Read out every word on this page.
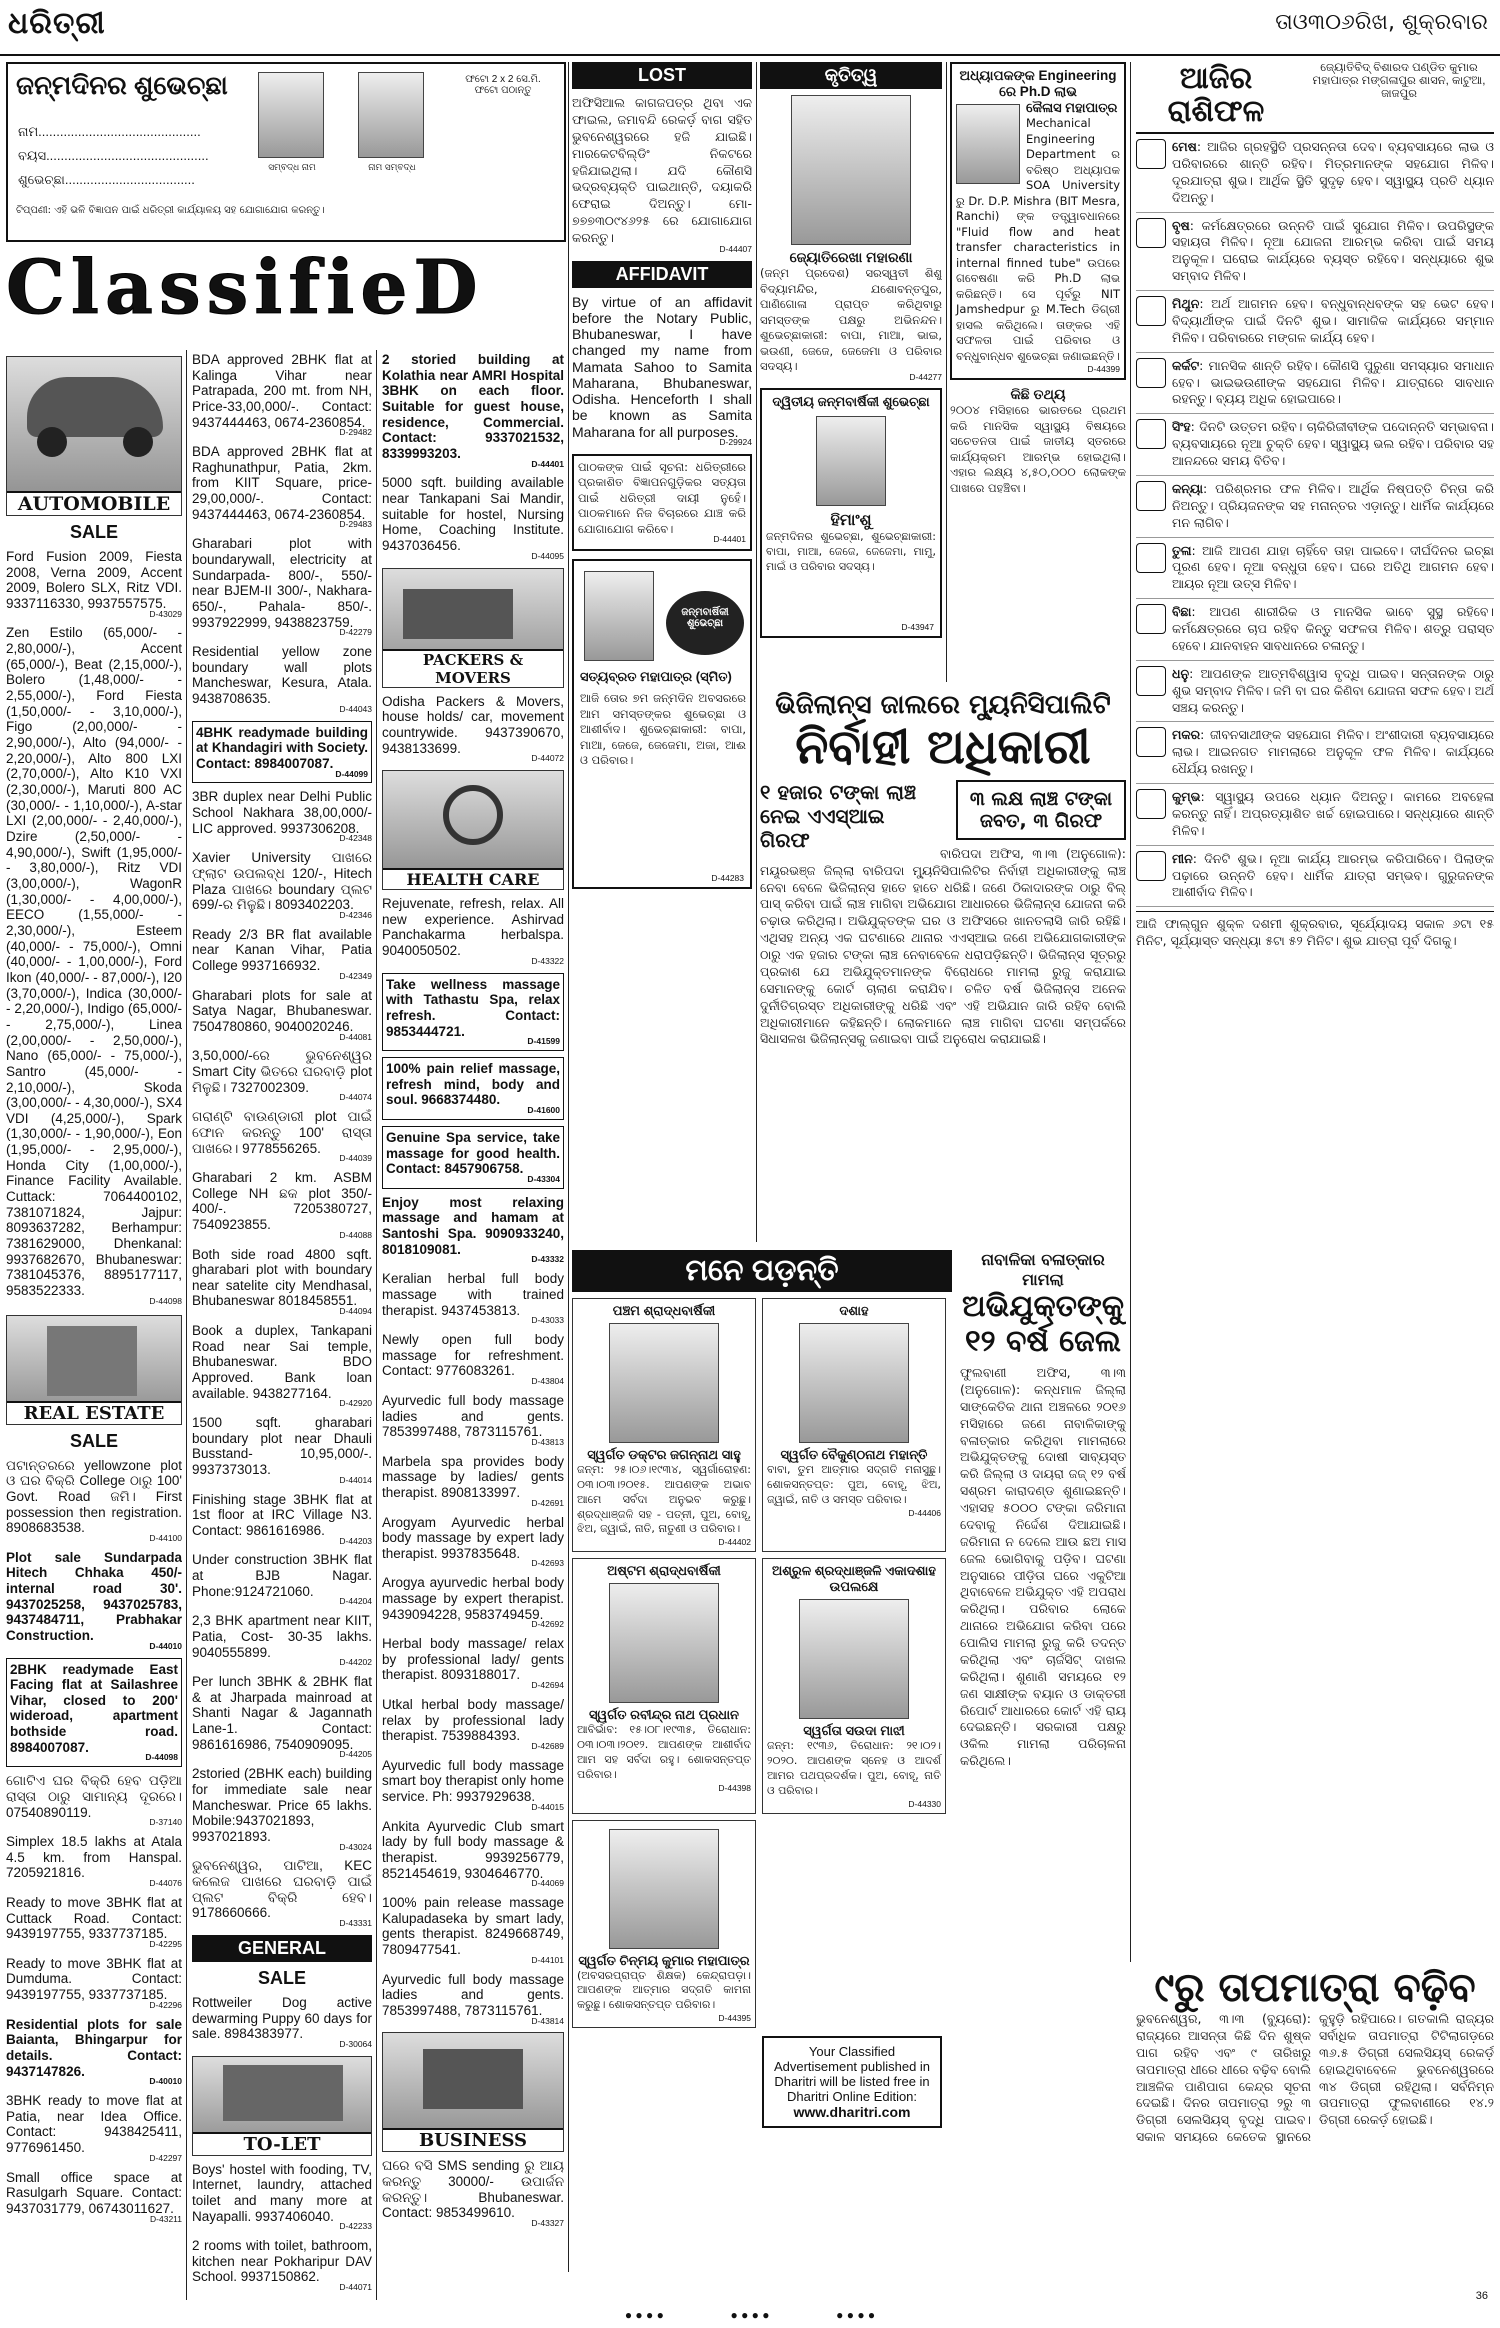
ଧରିତ୍ରୀ	ତାଓ୩୦୬ରିଖ, ଶୁକ୍ରବାର
ଜନ୍ମଦିନର ଶୁଭେଚ୍ଛା
ନାମ.............................................
ବୟସ.............................................
ଶୁଭେଚ୍ଛା....................................
ସମ୍ବଦ୍ଧ ନାମ	ନାମ ସମ୍ବଦ୍ଧ
ଫଟୋ 2 x 2 ସେ.ମି. ଫଟୋ ପଠାନ୍ତୁ
ଟିପ୍ପଣୀ: ଏହି ଭଳି ବିଜ୍ଞାପନ ପାଇଁ ଧରିତ୍ରୀ କାର୍ଯ୍ୟାଳୟ ସହ ଯୋଗାଯୋଗ କରନ୍ତୁ।
ClassifieD
AUTOMOBILE
SALE
Ford Fusion 2009, Fiesta 2008, Verna 2009, Accent 2009, Bolero SLX, Ritz VDI. 9337116330, 9937557575.
D-43029
Zen Estilo (65,000/- - 2,80,000/-), Accent (65,000/-), Beat (2,15,000/-), Bolero (1,48,000/- - 2,55,000/-), Ford Fiesta (1,50,000/- - 3,10,000/-), Figo (2,00,000/- - 2,90,000/-), Alto (94,000/- - 2,20,000/-), Alto 800 LXI (2,70,000/-), Alto K10 VXI (2,30,000/-), Maruti 800 AC (30,000/- - 1,10,000/-), A-star LXI (2,00,000/- - 2,40,000/-), Dzire (2,50,000/- - 4,90,000/-), Swift (1,95,000/- - 3,80,000/-), Ritz VDI (3,00,000/-), WagonR (1,30,000/- - 4,00,000/-), EECO (1,55,000/- - 2,30,000/-), Esteem (40,000/- - 75,000/-), Omni (40,000/- - 1,00,000/-), Ford Ikon (40,000/- - 87,000/-), I20 (3,70,000/-), Indica (30,000/- - 2,20,000/-), Indigo (65,000/- - 2,75,000/-), Linea (2,00,000/- - 2,50,000/-), Nano (65,000/- - 75,000/-), Santro (45,000/- - 2,10,000/-), Skoda (3,00,000/- - 4,30,000/-), SX4 VDI (4,25,000/-), Spark (1,30,000/- - 1,90,000/-), Eon (1,95,000/- - 2,95,000/-), Honda City (1,00,000/-), Finance Facility Available. Cuttack: 7064400102, 7381071824, Jajpur: 8093637282, Berhampur: 7381629000, Dhenkanal: 9937682670, Bhubaneswar: 7381045376, 8895177117, 9583522333.
D-44098
REAL ESTATE
SALE
ପଟାନ୍ତରରେ yellowzone plot ଓ ଘର ବିକ୍ରି College ଠାରୁ 100' Govt. Road ଜମି। First possession then registration. 8908683538.
D-44100
Plot sale Sundarpada Hitech Chhaka 450/- internal road 30'. 9437025258, 9437025783, 9437484711, Prabhakar Construction.
D-44010
2BHK readymade East Facing flat at Sailashree Vihar, closed to 200' wideroad, apartment bothside road. 8984007087.
D-44098
ଗୋଟିଏ ଘର ବିକ୍ରି ହେବ ପଡ଼ିଆ ରାସ୍ତା ଠାରୁ ସାମାନ୍ୟ ଦୂରରେ। 07540890119.
D-37140
Simplex 18.5 lakhs at Atala 4.5 km. from Hanspal. 7205921816.
D-44076
Ready to move 3BHK flat at Cuttack Road. Contact: 9439197755, 9337737185.
D-42295
Ready to move 3BHK flat at Dumduma. Contact: 9439197755, 9337737185.
D-42296
Residential plots for sale Baianta, Bhingarpur for details. Contact: 9437147826.
D-40010
3BHK ready to move flat at Patia, near Idea Office. Contact: 9438425411, 9776961450.
D-42297
Small office space at Rasulgarh Square. Contact: 9437031779, 06743011627.
D-43211
BDA approved 2BHK flat at Kalinga Vihar near Patrapada, 200 mt. from NH, Price-33,00,000/-. Contact: 9437444463, 0674-2360854.
D-29482
BDA approved 2BHK flat at Raghunathpur, Patia, 2km. from KIIT Square, price-29,00,000/-. Contact: 9437444463, 0674-2360854.
D-29483
Gharabari plot with boundarywall, electricity at Sundarpada- 800/-, 550/- near BJEM-II 300/-, Nakhara- 650/-, Pahala- 850/-. 9937922999, 9438823759.
D-42279
Residential yellow zone boundary wall plots Mancheswar, Kesura, Atala. 9438708635.
D-44043
4BHK readymade building at Khandagiri with Society. Contact: 8984007087.
D-44099
3BR duplex near Delhi Public School Nakhara 38,00,000/- LIC approved. 9937306208.
D-42348
Xavier University ପାଖରେ ଫ୍ଲାଟ ଉପଲବ୍ଧ 120/-, Hitech Plaza ପାଖରେ boundary ପ୍ଲଟ 699/-ର ମିଳୁଛି। 8093402203.
D-42346
Ready 2/3 BR flat available near Kanan Vihar, Patia College 9937166932.
D-42349
Gharabari plots for sale at Satya Nagar, Bhubaneswar. 7504780860, 9040020246.
D-44081
3,50,000/-ରେ ଭୁବନେଶ୍ୱର Smart City ଭିତରେ ଘରବାଡ଼ି plot ମିଳୁଛି। 7327002309.
D-44074
ଗରାଣ୍ଟି ବାଉଣ୍ଡାରୀ plot ପାଇଁ ଫୋନ କରନ୍ତୁ 100' ରାସ୍ତା ପାଖରେ। 9778556265.
D-44039
Gharabari 2 km. ASBM College NH ଛକ plot 350/- 400/-. 7205380727, 7540923855.
D-44088
Both side road 4800 sqft. gharabari plot with boundary near satelite city Mendhasal, Bhubaneswar 8018458551.
D-44094
Book a duplex, Tankapani Road near Sai temple, Bhubaneswar. BDO Approved. Bank loan available. 9438277164.
D-42920
1500 sqft. gharabari boundary plot near Dhauli Busstand- 10,95,000/-. 9937373013.
D-44014
Finishing stage 3BHK flat at 1st floor at IRC Village N3. Contact: 9861616986.
D-44203
Under construction 3BHK flat at BJB Nagar. Phone:9124721060.
D-44204
2,3 BHK apartment near KIIT, Patia, Cost- 30-35 lakhs. 9040555899.
D-44202
Per lunch 3BHK & 2BHK flat & at Jharpada mainroad at Shanti Nagar & Jagannath Lane-1. Contact: 9861616986, 7540909095.
D-44205
2storied (2BHK each) building for immediate sale near Mancheswar. Price 65 lakhs. Mobile:9437021893, 9937021893.
D-43024
ଭୁବନେଶ୍ୱର, ପାଟିଆ, KEC କଲେଜ ପାଖରେ ଘରବାଡ଼ି ପାଇଁ ପ୍ଲଟ ବିକ୍ରି ହେବ। 9178660666.
D-43331
GENERAL
SALE
Rottweiler Dog active dewarming Puppy 60 days for sale. 8984383977.
D-30064
TO-LET
Boys' hostel with fooding, TV, Internet, laundry, attached toilet and many more at Nayapalli. 9937406040.
D-42233
2 rooms with toilet, bathroom, kitchen near Pokharipur DAV School. 9937150862.
D-44071
2 storied building at Kolathia near AMRI Hospital 3BHK on each floor. Suitable for guest house, residence, Commercial. Contact: 9337021532, 8339993203.
D-44401
5000 sqft. building available near Tankapani Sai Mandir, suitable for hostel, Nursing Home, Coaching Institute. 9437036456.
D-44095
PACKERS & MOVERS
Odisha Packers & Movers, house holds/ car, movement countrywide. 9437390670, 9438133699.
D-44072
HEALTH CARE
Rejuvenate, refresh, relax. All new experience. Ashirvad Panchakarma herbalspa. 9040050502.
D-43322
Take wellness massage with Tathastu Spa, relax refresh. Contact: 9853444721.
D-41599
100% pain relief massage, refresh mind, body and soul. 9668374480.
D-41600
Genuine Spa service, take massage for good health. Contact: 8457906758.
D-43304
Enjoy most relaxing massage and hamam at Santoshi Spa. 9090933240, 8018109081.
D-43332
Keralian herbal full body massage with trained therapist. 9437453813.
D-43033
Newly open full body massage for refreshment. Contact: 9776083261.
D-43804
Ayurvedic full body massage ladies and gents. 7853997488, 7873115761.
D-43813
Marbela spa provides body massage by ladies/ gents therapist. 8908133997.
D-42691
Arogyam Ayurvedic herbal body massage by expert lady therapist. 9937835648.
D-42693
Arogya ayurvedic herbal body massage by expert therapist. 9439094228, 9583749459.
D-42692
Herbal body massage/ relax by professional lady/ gents therapist. 8093188017.
D-42694
Utkal herbal body massage/ relax by professional lady therapist. 7539884393.
D-42689
Ayurvedic full body massage smart boy therapist only home service. Ph: 9937929638.
D-44015
Ankita Ayurvedic Club smart lady by full body massage & therapist. 9939256779, 8521454619, 9304646770.
D-44069
100% pain release massage Kalupadaseka by smart lady, gents therapist. 8249668749, 7809477541.
D-44101
Ayurvedic full body massage ladies and gents. 7853997488, 7873115761.
D-43814
BUSINESS
ଘରେ ବସି SMS sending ରୁ ଆୟ କରନ୍ତୁ 30000/- ଉପାର୍ଜନ କରନ୍ତୁ। Bhubaneswar. Contact: 9853499610.
D-43327
LOST
ଅଫିସିଆଲ କାଗଜପତ୍ର ଥିବା ଏକ ଫାଇଲ, ଜମାବନ୍ଦି ରେକର୍ଡ଼ ବାଗ ସହିତ ଭୁବନେଶ୍ୱରରେ ହଜି ଯାଇଛି। ମାରକେଟବିଲ୍ଡିଂ ନିକଟରେ ହଜିଯାଇଥିଲା। ଯଦି କୌଣସି ଭଦ୍ରବ୍ୟକ୍ତି ପାଇଥାନ୍ତି, ଦୟାକରି ଫେରାଇ ଦିଅନ୍ତୁ। ମୋ- ୭୭୭୩୦୯୪୬୨୫ ରେ ଯୋଗାଯୋଗ କରନ୍ତୁ।
D-44407
AFFIDAVIT
By virtue of an affidavit before the Notary Public, Bhubaneswar, I have changed my name from Mamata Sahoo to Samita Maharana, Bhubaneswar, Odisha. Henceforth I shall be known as Samita Maharana for all purposes.
D-29924
ପାଠକଙ୍କ ପାଇଁ ସୂଚନା: ଧରିତ୍ରୀରେ ପ୍ରକାଶିତ ବିଜ୍ଞାପନଗୁଡ଼ିକର ସତ୍ୟତା ପାଇଁ ଧରିତ୍ରୀ ଦାୟୀ ନୁହେଁ। ପାଠକମାନେ ନିଜ ବିଚାରରେ ଯାଞ୍ଚ କରି ଯୋଗାଯୋଗ କରିବେ।
D-44401
ଜନ୍ମବାର୍ଷିକୀ ଶୁଭେଚ୍ଛା
ସତ୍ୟବ୍ରତ ମହାପାତ୍ର (ସ୍ମିତ)
ଆଜି ତୋର ୭ମ ଜନ୍ମଦିନ ଅବସରରେ ଆମ ସମସ୍ତଙ୍କର ଶୁଭେଚ୍ଛା ଓ ଆଶୀର୍ବାଦ। ଶୁଭେଚ୍ଛାକାରୀ: ବାପା, ମାଆ, ଜେଜେ, ଜେଜେମା, ଅଜା, ଆଈ ଓ ପରିବାର।
D-44283
କୃତିତ୍ୱ
ଜ୍ୟୋତିରେଖା ମହାରଣା
(ଜନ୍ମ ପ୍ରଦେଶ) ସରସ୍ୱତୀ ଶିଶୁ ବିଦ୍ୟାମନ୍ଦିର, ଯଶୋବନ୍ତପୁର, ପାଣିଗୋଳା ପ୍ରାପ୍ତ କରିଥିବାରୁ ସମସ୍ତଙ୍କ ପକ୍ଷରୁ ଅଭିନନ୍ଦନ। ଶୁଭେଚ୍ଛାକାରୀ: ବାପା, ମାଆ, ଭାଇ, ଭଉଣୀ, ଜେଜେ, ଜେଜେମା ଓ ପରିବାର ସଦସ୍ୟ।
D-44277
ଦ୍ୱିତୀୟ ଜନ୍ମବାର୍ଷିକୀ ଶୁଭେଚ୍ଛା
ହିମାଂଶୁ
ଜନ୍ମଦିନର ଶୁଭେଚ୍ଛା, ଶୁଭେଚ୍ଛାକାରୀ: ବାପା, ମାଆ, ଜେଜେ, ଜେଜେମା, ମାମୁ, ମାଇଁ ଓ ପରିବାର ସଦସ୍ୟ।
D-43947
ଅଧ୍ୟାପକଙ୍କ Engineering ରେ Ph.D ଲାଭ
କୈଳାସ ମହାପାତ୍ର
Mechanical Engineering Department ର ବରିଷ୍ଠ ଅଧ୍ୟାପକ SOA University ରୁ Dr. D.P. Mishra (BIT Mesra, Ranchi) ଙ୍କ ତତ୍ତ୍ୱାବଧାନରେ "Fluid flow and heat transfer characteristics in internal finned tube" ଉପରେ ଗବେଷଣା କରି Ph.D ଲାଭ କରିଛନ୍ତି। ସେ ପୂର୍ବରୁ NIT Jamshedpur ରୁ M.Tech ଡିଗ୍ରୀ ହାସଲ କରିଥିଲେ। ତାଙ୍କର ଏହି ସଫଳତା ପାଇଁ ପରିବାର ଓ ବନ୍ଧୁବାନ୍ଧବ ଶୁଭେଚ୍ଛା ଜଣାଇଛନ୍ତି।
D-44399
କିଛି ତଥ୍ୟ
୨୦୦୪ ମସିହାରେ ଭାରତରେ ପ୍ରଥମ କରି ମାନସିକ ସ୍ୱାସ୍ଥ୍ୟ ବିଷୟରେ ସଚେତନତା ପାଇଁ ଜାତୀୟ ସ୍ତରରେ କାର୍ଯ୍ୟକ୍ରମ ଆରମ୍ଭ ହୋଇଥିଲା। ଏହାର ଲକ୍ଷ୍ୟ ୪,୫୦,୦୦୦ ଲୋକଙ୍କ ପାଖରେ ପହଞ୍ଚିବା।
ଭିଜିଲାନ୍ସ ଜାଲରେ ମ୍ୟୁନିସିପାଲିଟି
ନିର୍ବାହୀ ଅଧିକାରୀ
୧ ହଜାର ଟଙ୍କା ଲାଞ୍ଚ ନେଇ ଏଏସ୍‌ଆଇ ଗିରଫ
୩ ଲକ୍ଷ ଲାଞ୍ଚ ଟଙ୍କା ଜବତ, ୩ ଗିରଫ
ବାରିପଦା ଅଫିସ, ୩।୩ (ଅନୁଗୋଳ): ମୟୂରଭଞ୍ଜ ଜିଲ୍ଲା ବାରିପଦା ମ୍ୟୁନିସିପାଲିଟିର ନିର୍ବାହୀ ଅଧିକାରୀଙ୍କୁ ଲାଞ୍ଚ ନେବା ବେଳେ ଭିଜିଲାନ୍ସ ହାତେ ହାତେ ଧରିଛି। ଜଣେ ଠିକାଦାରଙ୍କ ଠାରୁ ବିଲ୍ ପାସ୍ କରିବା ପାଇଁ ଲାଞ୍ଚ ମାଗିବା ଅଭିଯୋଗ ଆଧାରରେ ଭିଜିଲାନ୍ସ ଯୋଜନା କରି ଚଢ଼ାଉ କରିଥିଲା। ଅଭିଯୁକ୍ତଙ୍କ ଘର ଓ ଅଫିସରେ ଖାନତଲାସି ଜାରି ରହିଛି। ଏଥିସହ ଅନ୍ୟ ଏକ ଘଟଣାରେ ଥାନାର ଏଏସ୍‌ଆଇ ଜଣେ ଅଭିଯୋଗକାରୀଙ୍କ ଠାରୁ ଏକ ହଜାର ଟଙ୍କା ଲାଞ୍ଚ ନେବାବେଳେ ଧରାପଡ଼ିଛନ୍ତି। ଭିଜିଲାନ୍ସ ସୂତ୍ରରୁ ପ୍ରକାଶ ଯେ ଅଭିଯୁକ୍ତମାନଙ୍କ ବିରୋଧରେ ମାମଲା ରୁଜୁ କରାଯାଇ ସେମାନଙ୍କୁ କୋର୍ଟ ଚାଲାଣ କରାଯିବ। ଚଳିତ ବର୍ଷ ଭିଜିଲାନ୍ସ ଅନେକ ଦୁର୍ନୀତିଗ୍ରସ୍ତ ଅଧିକାରୀଙ୍କୁ ଧରିଛି ଏବଂ ଏହି ଅଭିଯାନ ଜାରି ରହିବ ବୋଲି ଅଧିକାରୀମାନେ କହିଛନ୍ତି। ଲୋକମାନେ ଲାଞ୍ଚ ମାଗିବା ଘଟଣା ସମ୍ପର୍କରେ ସିଧାସଳଖ ଭିଜିଲାନ୍ସକୁ ଜଣାଇବା ପାଇଁ ଅନୁରୋଧ କରାଯାଇଛି।
ମନେ ପଡ଼ନ୍ତି
ପଞ୍ଚମ ଶ୍ରାଦ୍ଧବାର୍ଷିକୀ
ସ୍ୱର୍ଗତ ଡକ୍ଟର ଜଗନ୍ନାଥ ସାହୁ
ଜନ୍ମ: ୨୫।୦୬।୧୯୩୪, ସ୍ୱର୍ଗାରୋହଣ: ୦୩।୦୩।୨୦୧୫. ଆପଣଙ୍କ ଅଭାବ ଆମେ ସର୍ବଦା ଅନୁଭବ କରୁଛୁ। ଶ୍ରଦ୍ଧାଞ୍ଜଳି ସହ - ପତ୍ନୀ, ପୁଅ, ବୋହୂ, ଝିଅ, ଜ୍ୱାଇଁ, ନାତି, ନାତୁଣୀ ଓ ପରିବାର।
D-44402
ଦଶାହ
ସ୍ୱର୍ଗତ ବୈକୁଣ୍ଠନାଥ ମହାନ୍ତି
ବାବା, ତୁମ ଆତ୍ମାର ସଦ୍‌ଗତି ମନାସୁଛୁ। ଶୋକସନ୍ତପ୍ତ: ପୁଅ, ବୋହୂ, ଝିଅ, ଜ୍ୱାଇଁ, ନାତି ଓ ସମସ୍ତ ପରିବାର।
D-44406
ଅଷ୍ଟମ ଶ୍ରାଦ୍ଧବାର୍ଷିକୀ
ସ୍ୱର୍ଗତ ରବୀନ୍ଦ୍ର ନାଥ ପ୍ରଧାନ
ଆବିର୍ଭାବ: ୧୫।୦୮।୧୯୩୫, ତିରୋଧାନ: ୦୩।୦୩।୨୦୧୨. ଆପଣଙ୍କ ଆଶୀର୍ବାଦ ଆମ ସହ ସର୍ବଦା ରହୁ। ଶୋକସନ୍ତପ୍ତ ପରିବାର।
D-44398
ଅଶ୍ରୁଳ ଶ୍ରଦ୍ଧାଞ୍ଜଳି ଏକାଦଶାହ ଉପଲକ୍ଷେ
ସ୍ୱର୍ଗତା ସଉଦା ମାଝୀ
ଜନ୍ମ: ୧୯୩୬, ତିରୋଧାନ: ୨୧।୦୨।୨୦୨୦. ଆପଣଙ୍କ ସ୍ନେହ ଓ ଆଦର୍ଶ ଆମର ପଥପ୍ରଦର୍ଶକ। ପୁଅ, ବୋହୂ, ନାତି ଓ ପରିବାର।
D-44330
ସ୍ୱର୍ଗତ ଚିନ୍ମୟ କୁମାର ମହାପାତ୍ର
(ଅବସରପ୍ରାପ୍ତ ଶିକ୍ଷକ) କେନ୍ଦ୍ରାପଡ଼ା। ଆପଣଙ୍କ ଆତ୍ମାର ସଦ୍‌ଗତି କାମନା କରୁଛୁ। ଶୋକସନ୍ତପ୍ତ ପରିବାର।
D-44395
Your Classified Advertisement published in Dharitri will be listed free in Dharitri Online Edition:
www.dharitri.com
ନାବାଳିକା ବଳାତ୍କାର ମାମଲା
ଅଭିଯୁକ୍ତଙ୍କୁ ୧୨ ବର୍ଷ ଜେଲ
ଫୁଲବାଣୀ ଅଫିସ, ୩।୩ (ଅନୁଗୋଳ): କନ୍ଧମାଳ ଜିଲ୍ଲା ସାଙ୍କେତିକ ଥାନା ଅଞ୍ଚଳରେ ୨୦୧୬ ମସିହାରେ ଜଣେ ନାବାଳିକାଙ୍କୁ ବଳାତ୍କାର କରିଥିବା ମାମଲାରେ ଅଭିଯୁକ୍ତଙ୍କୁ ଦୋଷୀ ସାବ୍ୟସ୍ତ କରି ଜିଲ୍ଲା ଓ ଦାୟରା ଜଜ୍ ୧୨ ବର୍ଷ ସଶ୍ରମ କାରାଦଣ୍ଡ ଶୁଣାଇଛନ୍ତି। ଏହାସହ ୫୦୦୦ ଟଙ୍କା ଜରିମାନା ଦେବାକୁ ନିର୍ଦ୍ଦେଶ ଦିଆଯାଇଛି। ଜରିମାନା ନ ଦେଲେ ଆଉ ଛଅ ମାସ ଜେଲ ଭୋଗିବାକୁ ପଡ଼ିବ। ଘଟଣା ଅନୁସାରେ ପୀଡ଼ିତା ଘରେ ଏକୁଟିଆ ଥିବାବେଳେ ଅଭିଯୁକ୍ତ ଏହି ଅପରାଧ କରିଥିଲା। ପରିବାର ଲୋକେ ଥାନାରେ ଅଭିଯୋଗ କରିବା ପରେ ପୋଲିସ ମାମଲା ରୁଜୁ କରି ତଦନ୍ତ କରିଥିଲା ଏବଂ ଚାର୍ଜସିଟ୍ ଦାଖଲ କରିଥିଲା। ଶୁଣାଣି ସମୟରେ ୧୨ ଜଣ ସାକ୍ଷୀଙ୍କ ବୟାନ ଓ ଡାକ୍ତରୀ ରିପୋର୍ଟ ଆଧାରରେ କୋର୍ଟ ଏହି ରାୟ ଦେଇଛନ୍ତି। ସରକାରୀ ପକ୍ଷରୁ ଓକିଲ ମାମଲା ପରିଚାଳନା କରିଥିଲେ।
ଆଜିର ରାଶିଫଳ
ଜ୍ୟୋତିର୍ବିଦ୍ ବିଶାରଦ ପଣ୍ଡିତ କୁମାର ମହାପାତ୍ର ମଙ୍ଗଳାପୁର ଶାସନ, କାଟୁଆ, ଜାଜପୁର
ମେଷ: ଆଜିର ଗ୍ରହସ୍ଥିତି ପ୍ରସନ୍ନତା ଦେବ। ବ୍ୟବସାୟରେ ଲାଭ ଓ ପରିବାରରେ ଶାନ୍ତି ରହିବ। ମିତ୍ରମାନଙ୍କ ସହଯୋଗ ମିଳିବ। ଦୂରଯାତ୍ରା ଶୁଭ। ଆର୍ଥିକ ସ୍ଥିତି ସୁଦୃଢ଼ ହେବ। ସ୍ୱାସ୍ଥ୍ୟ ପ୍ରତି ଧ୍ୟାନ ଦିଅନ୍ତୁ।
ବୃଷ: କର୍ମକ୍ଷେତ୍ରରେ ଉନ୍ନତି ପାଇଁ ସୁଯୋଗ ମିଳିବ। ଉପରିସ୍ଥଙ୍କ ସହାୟତା ମିଳିବ। ନୂଆ ଯୋଜନା ଆରମ୍ଭ କରିବା ପାଇଁ ସମୟ ଅନୁକୂଳ। ଘରୋଇ କାର୍ଯ୍ୟରେ ବ୍ୟସ୍ତ ରହିବେ। ସନ୍ଧ୍ୟାରେ ଶୁଭ ସମ୍ବାଦ ମିଳିବ।
ମିଥୁନ: ଅର୍ଥ ଆଗମନ ହେବ। ବନ୍ଧୁବାନ୍ଧବଙ୍କ ସହ ଭେଟ ହେବ। ବିଦ୍ୟାର୍ଥୀଙ୍କ ପାଇଁ ଦିନଟି ଶୁଭ। ସାମାଜିକ କାର୍ଯ୍ୟରେ ସମ୍ମାନ ମିଳିବ। ପରିବାରରେ ମଙ୍ଗଳ କାର୍ଯ୍ୟ ହେବ।
କର୍କଟ: ମାନସିକ ଶାନ୍ତି ରହିବ। କୌଣସି ପୁରୁଣା ସମସ୍ୟାର ସମାଧାନ ହେବ। ଭାଇଭଉଣୀଙ୍କ ସହଯୋଗ ମିଳିବ। ଯାତ୍ରାରେ ସାବଧାନ ରହନ୍ତୁ। ବ୍ୟୟ ଅଧିକ ହୋଇପାରେ।
ସିଂହ: ଦିନଟି ଉତ୍ତମ ରହିବ। ଚାକିରିଜୀବୀଙ୍କ ପଦୋନ୍ନତି ସମ୍ଭାବନା। ବ୍ୟବସାୟରେ ନୂଆ ଚୁକ୍ତି ହେବ। ସ୍ୱାସ୍ଥ୍ୟ ଭଲ ରହିବ। ପରିବାର ସହ ଆନନ୍ଦରେ ସମୟ ବିତିବ।
କନ୍ୟା: ପରିଶ୍ରମର ଫଳ ମିଳିବ। ଆର୍ଥିକ ନିଷ୍ପତ୍ତି ଚିନ୍ତା କରି ନିଅନ୍ତୁ। ପ୍ରିୟଜନଙ୍କ ସହ ମନାନ୍ତର ଏଡ଼ାନ୍ତୁ। ଧାର୍ମିକ କାର୍ଯ୍ୟରେ ମନ ଲାଗିବ।
ତୁଳା: ଆଜି ଆପଣ ଯାହା ଚାହିଁବେ ତାହା ପାଇବେ। ଦୀର୍ଘଦିନର ଇଚ୍ଛା ପୂରଣ ହେବ। ନୂଆ ବନ୍ଧୁତା ହେବ। ଘରେ ଅତିଥି ଆଗମନ ହେବ। ଆୟର ନୂଆ ଉତ୍ସ ମିଳିବ।
ବିଛା: ଆପଣ ଶାରୀରିକ ଓ ମାନସିକ ଭାବେ ସୁସ୍ଥ ରହିବେ। କର୍ମକ୍ଷେତ୍ରରେ ଚାପ ରହିବ କିନ୍ତୁ ସଫଳତା ମିଳିବ। ଶତ୍ରୁ ପରାସ୍ତ ହେବେ। ଯାନବାହନ ସାବଧାନରେ ଚଳାନ୍ତୁ।
ଧନୁ: ଆପଣଙ୍କ ଆତ୍ମବିଶ୍ୱାସ ବୃଦ୍ଧି ପାଇବ। ସନ୍ତାନଙ୍କ ଠାରୁ ଶୁଭ ସମ୍ବାଦ ମିଳିବ। ଜମି ବା ଘର କିଣିବା ଯୋଜନା ସଫଳ ହେବ। ଅର୍ଥ ସଞ୍ଚୟ କରନ୍ତୁ।
ମକର: ଜୀବନସାଥୀଙ୍କ ସହଯୋଗ ମିଳିବ। ଅଂଶୀଦାରୀ ବ୍ୟବସାୟରେ ଲାଭ। ଆଇନଗତ ମାମଲାରେ ଅନୁକୂଳ ଫଳ ମିଳିବ। କାର୍ଯ୍ୟରେ ଧୈର୍ଯ୍ୟ ରଖନ୍ତୁ।
କୁମ୍ଭ: ସ୍ୱାସ୍ଥ୍ୟ ଉପରେ ଧ୍ୟାନ ଦିଅନ୍ତୁ। କାମରେ ଅବହେଳା କରନ୍ତୁ ନାହିଁ। ଅପ୍ରତ୍ୟାଶିତ ଖର୍ଚ୍ଚ ହୋଇପାରେ। ସନ୍ଧ୍ୟାରେ ଶାନ୍ତି ମିଳିବ।
ମୀନ: ଦିନଟି ଶୁଭ। ନୂଆ କାର୍ଯ୍ୟ ଆରମ୍ଭ କରିପାରିବେ। ପିଲାଙ୍କ ପଢ଼ାରେ ଉନ୍ନତି ହେବ। ଧାର୍ମିକ ଯାତ୍ରା ସମ୍ଭବ। ଗୁରୁଜନଙ୍କ ଆଶୀର୍ବାଦ ମିଳିବ।
ଆଜି ଫାଲ୍‌ଗୁନ ଶୁକ୍ଳ ଦଶମୀ ଶୁକ୍ରବାର, ସୂର୍ଯ୍ୟୋଦୟ ସକାଳ ୬ଟା ୧୫ ମିନିଟ, ସୂର୍ଯ୍ୟାସ୍ତ ସନ୍ଧ୍ୟା ୫ଟା ୫୨ ମିନିଟ। ଶୁଭ ଯାତ୍ରା ପୂର୍ବ ଦିଗକୁ।
୯ରୁ ତାପମାତ୍ରା ବଢ଼ିବ
ଭୁବନେଶ୍ୱର, ୩।୩ (ବ୍ୟୁରୋ): ରାଜ୍ୟରେ ଆସନ୍ତା କିଛି ଦିନ ଶୁଷ୍କ ପାଗ ରହିବ ଏବଂ ୯ ତାରିଖରୁ ତାପମାତ୍ରା ଧୀରେ ଧୀରେ ବଢ଼ିବ ବୋଲି ଆଞ୍ଚଳିକ ପାଣିପାଗ କେନ୍ଦ୍ର ସୂଚନା ଦେଇଛି। ଦିନର ତାପମାତ୍ରା ୨ରୁ ୩ ଡିଗ୍ରୀ ସେଲସିୟସ୍ ବୃଦ୍ଧି ପାଇବ। ସକାଳ ସମୟରେ କେତେକ ସ୍ଥାନରେ କୁହୁଡ଼ି ରହିପାରେ। ଗତକାଲି ରାଜ୍ୟର ସର୍ବାଧିକ ତାପମାତ୍ରା ଟିଟିଲାଗଡ଼ରେ ୩୬.୫ ଡିଗ୍ରୀ ସେଲସିୟସ୍ ରେକର୍ଡ଼ ହୋଇଥିବାବେଳେ ଭୁବନେଶ୍ୱରରେ ୩୪ ଡିଗ୍ରୀ ରହିଥିଲା। ସର୍ବନିମ୍ନ ତାପମାତ୍ରା ଫୁଲବାଣୀରେ ୧୪.୨ ଡିଗ୍ରୀ ରେକର୍ଡ଼ ହୋଇଛି।
● ● ● ●                    ● ● ● ●                    ● ● ● ●
36
